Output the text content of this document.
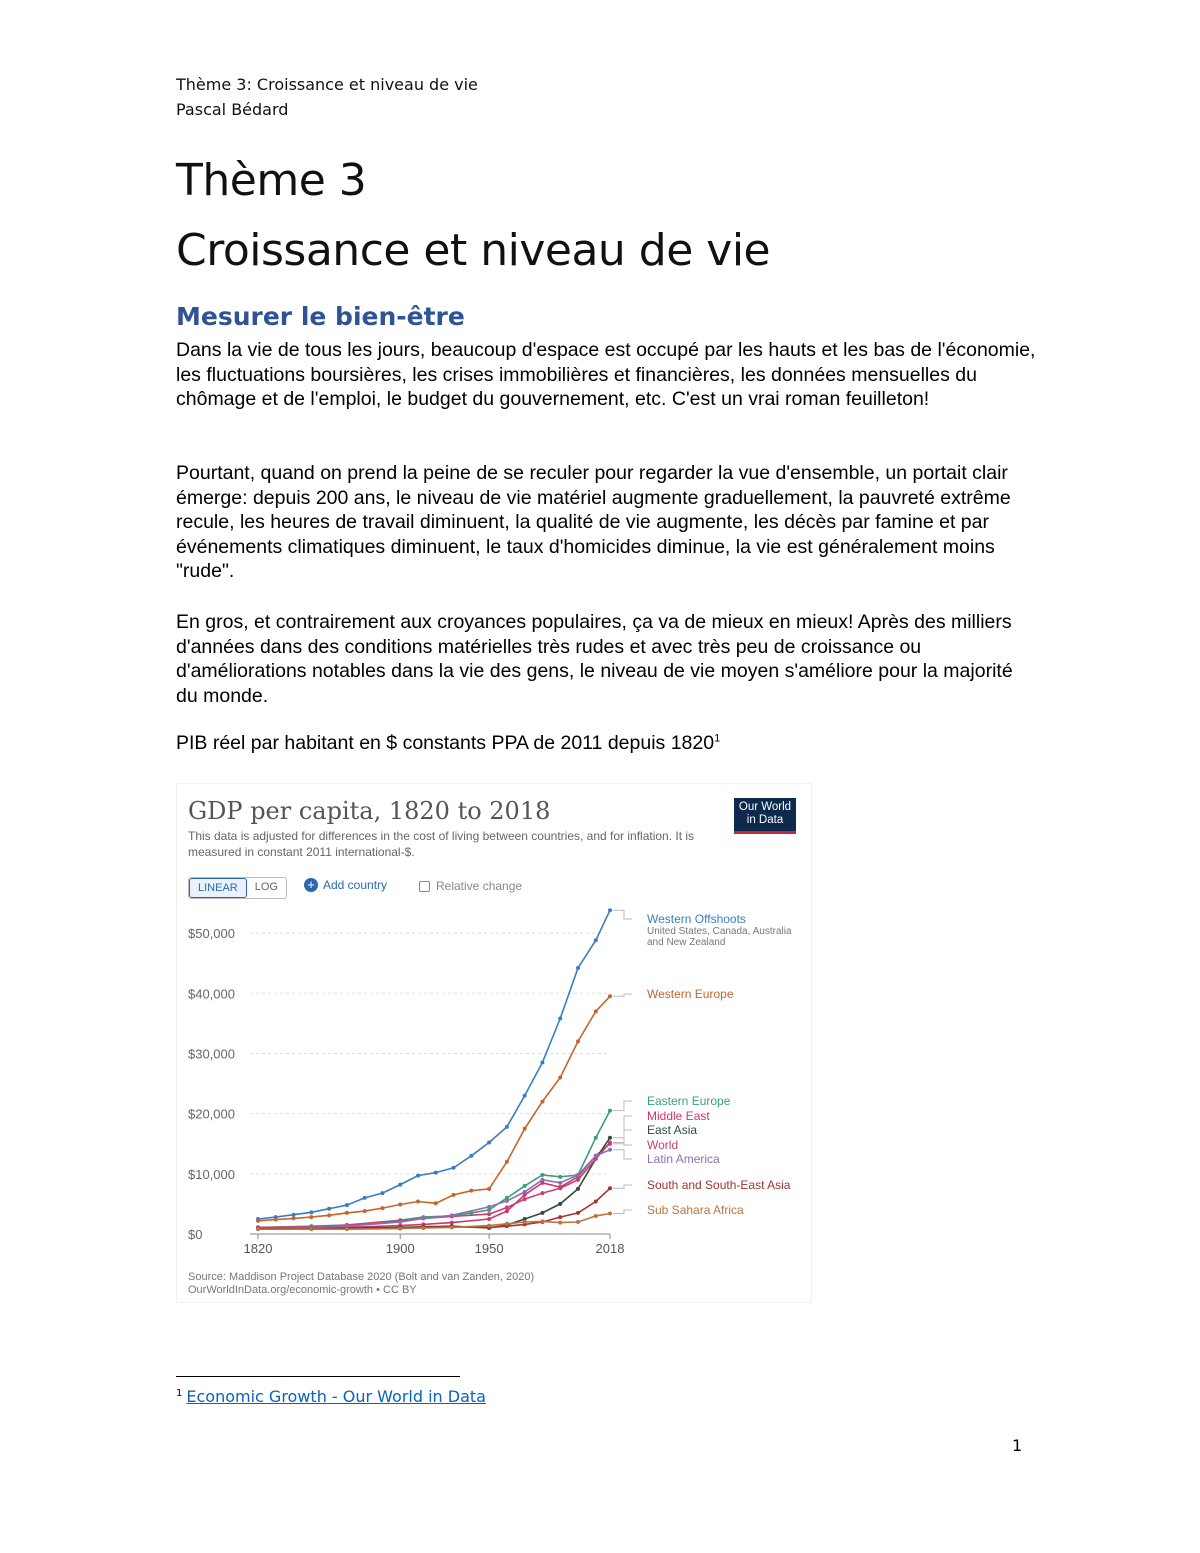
Thème 3: Croissance et niveau de vie
Pascal Bédard
Thème 3
Croissance et niveau de vie
Mesurer le bien-être

Dans la vie de tous les jours, beaucoup d'espace est occupé par les hauts et les bas de l'économie, les fluctuations boursières, les crises immobilières et financières, les données mensuelles du chômage et de l'emploi, le budget du gouvernement, etc. C'est un vrai roman feuilleton!

Pourtant, quand on prend la peine de se reculer pour regarder la vue d'ensemble, un portait clair émerge: depuis 200 ans, le niveau de vie matériel augmente graduellement, la pauvreté extrême recule, les heures de travail diminuent, la qualité de vie augmente, les décès par famine et par événements climatiques diminuent, le taux d'homicides diminue, la vie est généralement moins "rude".

En gros, et contrairement aux croyances populaires, ça va de mieux en mieux! Après des milliers d'années dans des conditions matérielles très rudes et avec très peu de croissance ou d'améliorations notables dans la vie des gens, le niveau de vie moyen s'améliore pour la majorité du monde.

PIB réel par habitant en $ constants PPA de 2011 depuis 1820$^1$

GDP per capita, 1820 to 2018
This data is adjusted for differences in the cost of living between countries, and for inflation. It is measured in constant 2011 international-$.
Our World
in Data
LINEAR	LOG	+ Add country	Relative change
$0
$10,000
$20,000
$30,000
$40,000
$50,000
1820	1900	1950	2018
Western Offshoots
United States, Canada, Australia and New Zealand
Western Europe
Eastern Europe
Middle East
East Asia
World
Latin America
South and South-East Asia
Sub Sahara Africa
Source: Maddison Project Database 2020 (Bolt and van Zanden, 2020)
OurWorldInData.org/economic-growth • CC BY
$^1$ Economic Growth - Our World in Data
1
